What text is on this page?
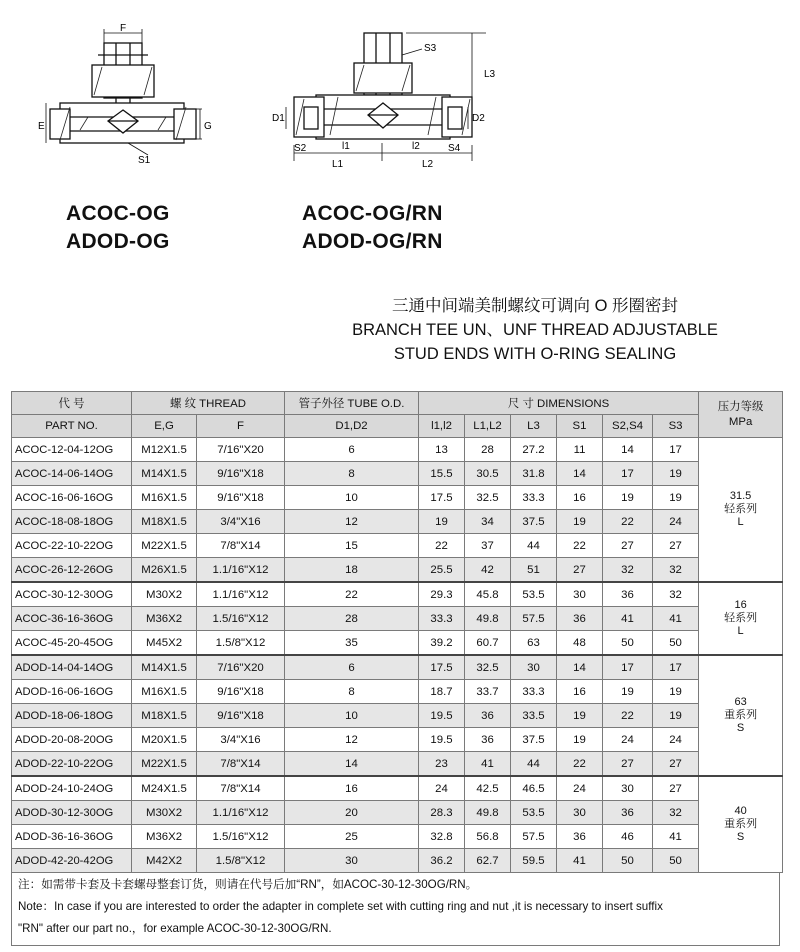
F
E	G
S1
S3
L3
D1	D2
S2	l1	l2	S4
L1	L2
ACOC-OG
ADOD-OG
ACOC-OG/RN
ADOD-OG/RN
三通中间端美制螺纹可调向 O 形圈密封
BRANCH TEE UN、UNF THREAD ADJUSTABLE
STUD ENDS WITH O-RING SEALING
代 号	螺 纹 THREAD		管子外径 TUBE O.D.	尺 寸 DIMENSIONS						压力等级
MPa

PART NO.	E,G	F	D1,D2	l1,l2	L1,L2	L3	S1	S2,S4	S3	
ACOC-12-04-12OG	M12X1.5	7/16"X20	6	13	28	27.2	11	14	17	31.5
轻系列
L

ACOC-14-06-14OG	M14X1.5	9/16"X18	8	15.5	30.5	31.8	14	17	19	
ACOC-16-06-16OG	M16X1.5	9/16"X18	10	17.5	32.5	33.3	16	19	19	
ACOC-18-08-18OG	M18X1.5	3/4"X16	12	19	34	37.5	19	22	24	
ACOC-22-10-22OG	M22X1.5	7/8"X14	15	22	37	44	22	27	27	
ACOC-26-12-26OG	M26X1.5	1.1/16"X12	18	25.5	42	51	27	32	32	
ACOC-30-12-30OG	M30X2	1.1/16"X12	22	29.3	45.8	53.5	30	36	32	16
轻系列
L

ACOC-36-16-36OG	M36X2	1.5/16"X12	28	33.3	49.8	57.5	36	41	41	
ACOC-45-20-45OG	M45X2	1.5/8"X12	35	39.2	60.7	63	48	50	50	
ADOD-14-04-14OG	M14X1.5	7/16"X20	6	17.5	32.5	30	14	17	17	63
重系列
S

ADOD-16-06-16OG	M16X1.5	9/16"X18	8	18.7	33.7	33.3	16	19	19	
ADOD-18-06-18OG	M18X1.5	9/16"X18	10	19.5	36	33.5	19	22	19	
ADOD-20-08-20OG	M20X1.5	3/4"X16	12	19.5	36	37.5	19	24	24	
ADOD-22-10-22OG	M22X1.5	7/8"X14	14	23	41	44	22	27	27	
ADOD-24-10-24OG	M24X1.5	7/8"X14	16	24	42.5	46.5	24	30	27	40
重系列
S

ADOD-30-12-30OG	M30X2	1.1/16"X12	20	28.3	49.8	53.5	30	36	32	
ADOD-36-16-36OG	M36X2	1.5/16"X12	25	32.8	56.8	57.5	36	46	41	
ADOD-42-20-42OG	M42X2	1.5/8"X12	30	36.2	62.7	59.5	41	50	50	
注：如需带卡套及卡套螺母整套订货，则请在代号后加“RN”，如ACOC-30-12-30OG/RN。
Note：In case if you are interested to order the adapter in complete set with cutting ring and nut ,it is necessary to insert suffix
"RN" after our part no.，for example ACOC-30-12-30OG/RN.
